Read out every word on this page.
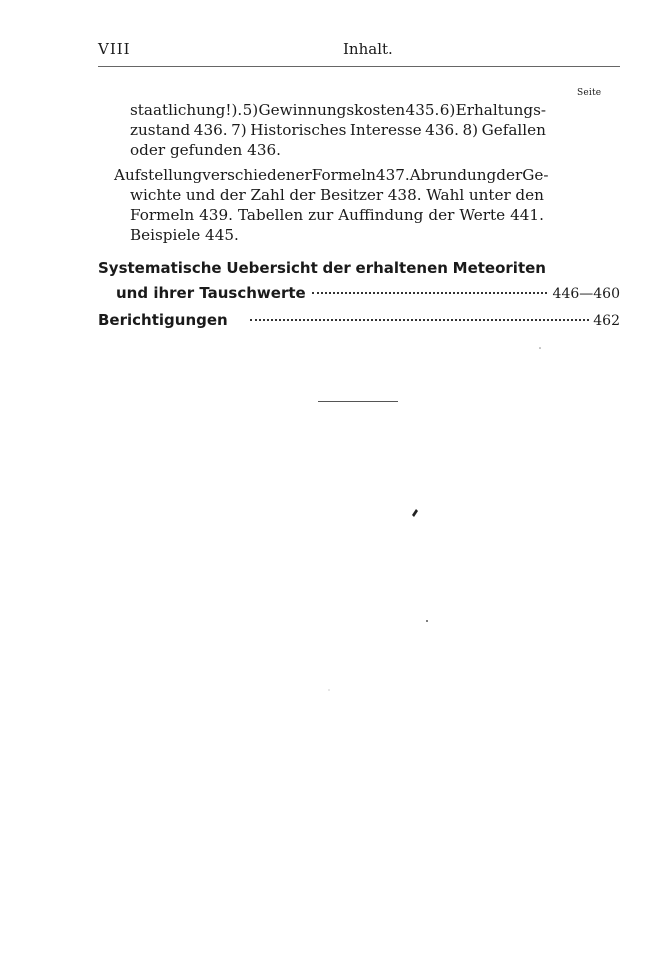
VIII	Inhalt.
Seite
staatlichung!). 5) Gewinnungskosten 435. 6) Erhaltungs-
zustand 436. 7) Historisches Interesse 436. 8) Gefallen
oder gefunden 436.
Aufstellung verschiedener Formeln 437. Abrundung der Ge-
wichte und der Zahl der Besitzer 438. Wahl unter den
Formeln 439. Tabellen zur Auffindung der Werte 441.
Beispiele 445.
Systematische Uebersicht der erhaltenen Meteoriten
und ihrer Tauschwerte	446—460
Berichtigungen	462
